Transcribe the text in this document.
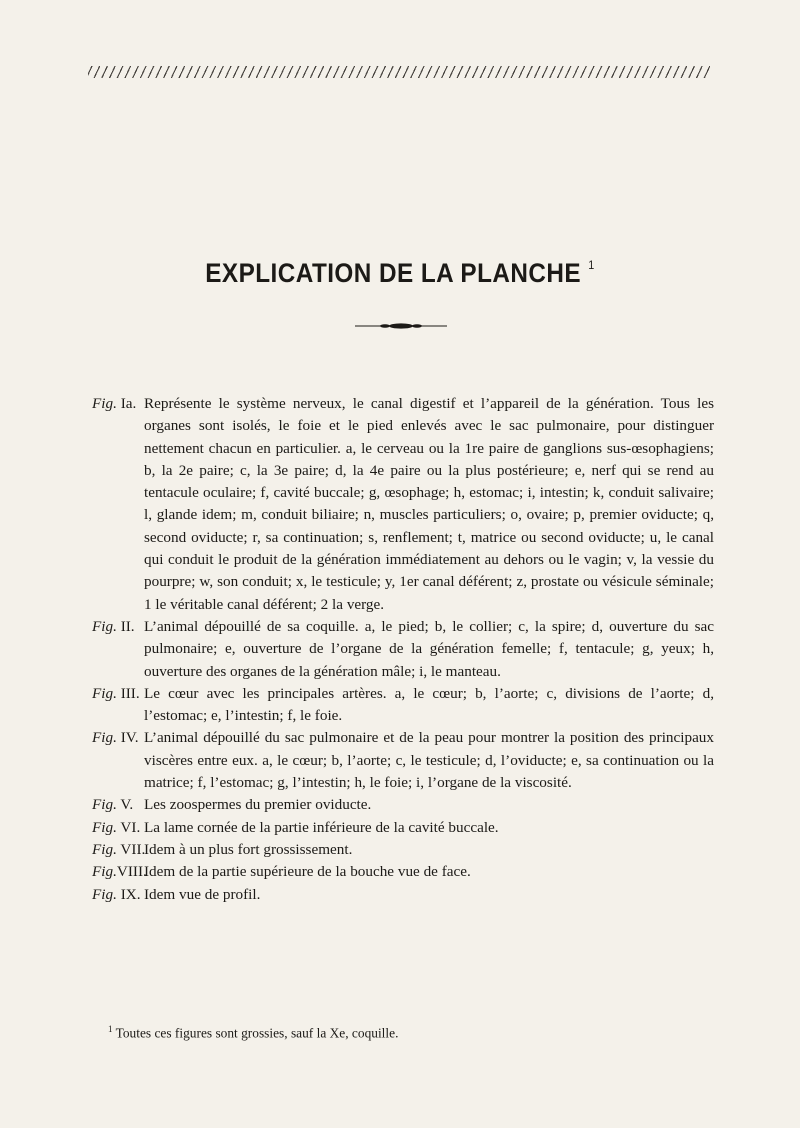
EXPLICATION DE LA PLANCHE $^1$
Fig. Ia. Représente le système nerveux, le canal digestif et l’appareil de la génération. Tous les organes sont isolés, le foie et le pied enlevés avec le sac pulmonaire, pour distinguer nettement chacun en particulier. a, le cerveau ou la 1re paire de ganglions sus-œsophagiens; b, la 2e paire; c, la 3e paire; d, la 4e paire ou la plus postérieure; e, nerf qui se rend au tentacule oculaire; f, cavité buccale; g, œsophage; h, estomac; i, intestin; k, conduit salivaire; l, glande idem; m, conduit biliaire; n, muscles particuliers; o, ovaire; p, premier oviducte; q, second oviducte; r, sa continuation; s, renflement; t, matrice ou second oviducte; u, le canal qui conduit le produit de la génération immédiatement au dehors ou le vagin; v, la vessie du pourpre; w, son conduit; x, le testicule; y, 1er canal déférent; z, prostate ou vésicule séminale; 1 le véritable canal déférent; 2 la verge.
Fig. II. L’animal dépouillé de sa coquille. a, le pied; b, le collier; c, la spire; d, ouverture du sac pulmonaire; e, ouverture de l’organe de la génération femelle; f, tentacule; g, yeux; h, ouverture des organes de la génération mâle; i, le manteau.
Fig. III. Le cœur avec les principales artères. a, le cœur; b, l’aorte; c, divisions de l’aorte; d, l’estomac; e, l’intestin; f, le foie.
Fig. IV. L’animal dépouillé du sac pulmonaire et de la peau pour montrer la position des principaux viscères entre eux. a, le cœur; b, l’aorte; c, le testicule; d, l’oviducte; e, sa continuation ou la matrice; f, l’estomac; g, l’intestin; h, le foie; i, l’organe de la viscosité.
Fig. V. Les zoospermes du premier oviducte.
Fig. VI. La lame cornée de la partie inférieure de la cavité buccale.
Fig. VII.
Idem à un plus fort grossissement.
Fig.VIII.
Idem de la partie supérieure de la bouche vue de face.
Fig. IX. Idem vue de profil.
$^1$ Toutes ces figures sont grossies, sauf la Xe, coquille.
